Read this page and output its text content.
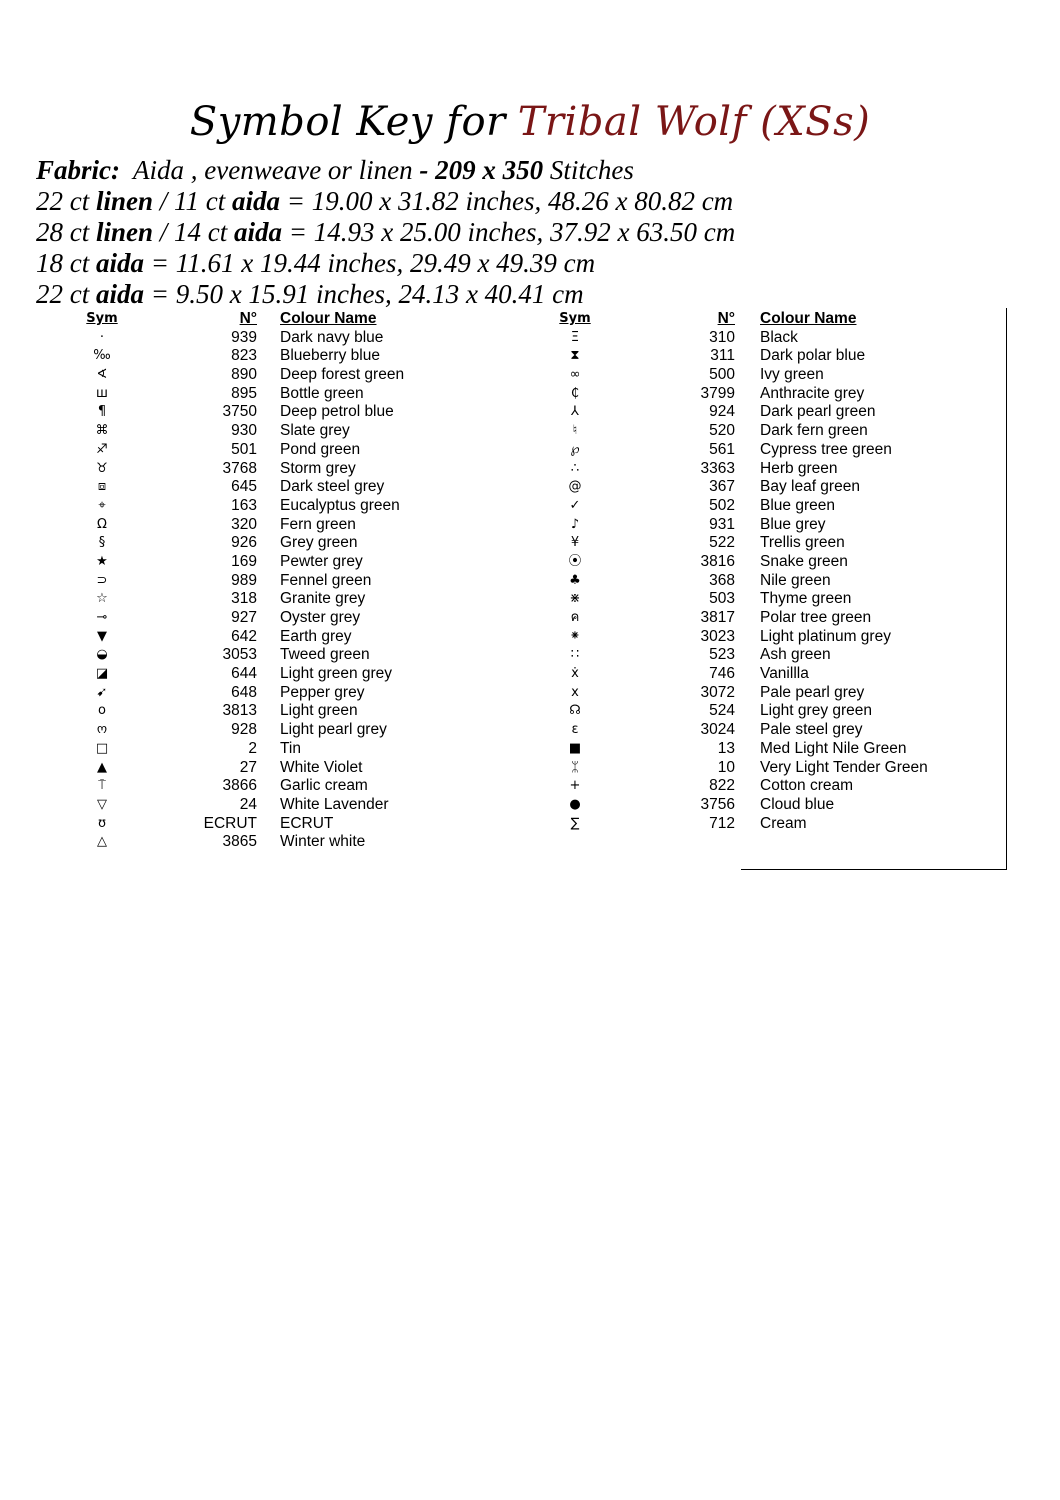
Symbol Key for Tribal Wolf (XSs)
Fabric: Aida , evenweave or linen - 209 x 350 Stitches
22 ct linen / 11 ct aida = 19.00 x 31.82 inches, 48.26 x 80.82 cm
28 ct linen / 14 ct aida = 14.93 x 25.00 inches, 37.92 x 63.50 cm
18 ct aida = 11.61 x 19.44 inches, 29.49 x 49.39 cm
22 ct aida = 9.50 x 15.91 inches, 24.13 x 40.41 cm
Sym	N° Colour Name
·	939 Dark navy blue
‰	823 Blueberry blue
∢	890 Deep forest green
ш	895 Bottle green
¶	3750 Deep petrol blue
⌘	930 Slate grey
♐	501 Pond green
♉	3768 Storm grey
⧈	645 Dark steel grey
⌖	163 Eucalyptus green
Ω	320 Fern green
§	926 Grey green
★	169 Pewter grey
⊃	989 Fennel green
☆	318 Granite grey
⊸	927 Oyster grey
▼	642 Earth grey
◒	3053 Tweed green
◪	644 Light green grey
➹	648 Pepper grey
o	3813 Light green
ო	928 Light pearl grey
□	2 Tin
▲	27 White Violet
⍑	3866 Garlic cream
▽	24 White Lavender
ʊ	ECRUT ECRUT
△	3865 Winter white
Sym	N° Colour Name
Ξ	310 Black
⧗	311 Dark polar blue
∞	500 Ivy green
₵	3799 Anthracite grey
⅄	924 Dark pearl green
♮	520 Dark fern green
℘	561 Cypress tree green
∴	3363 Herb green
@	367 Bay leaf green
✓	502 Blue green
♪	931 Blue grey
¥	522 Trellis green
⦿	3816 Snake green
♣	368 Nile green
⋇	503 Thyme green
ค	3817 Polar tree green
⁕	3023 Light platinum grey
∷	523 Ash green
ẋ	746 Vanillla
x	3072 Pale pearl grey
☊	524 Light grey green
ɛ	3024 Pale steel grey
■	13 Med Light Nile Green
ᛯ	10 Very Light Tender Green
+	822 Cotton cream
●	3756 Cloud blue
∑	712 Cream
